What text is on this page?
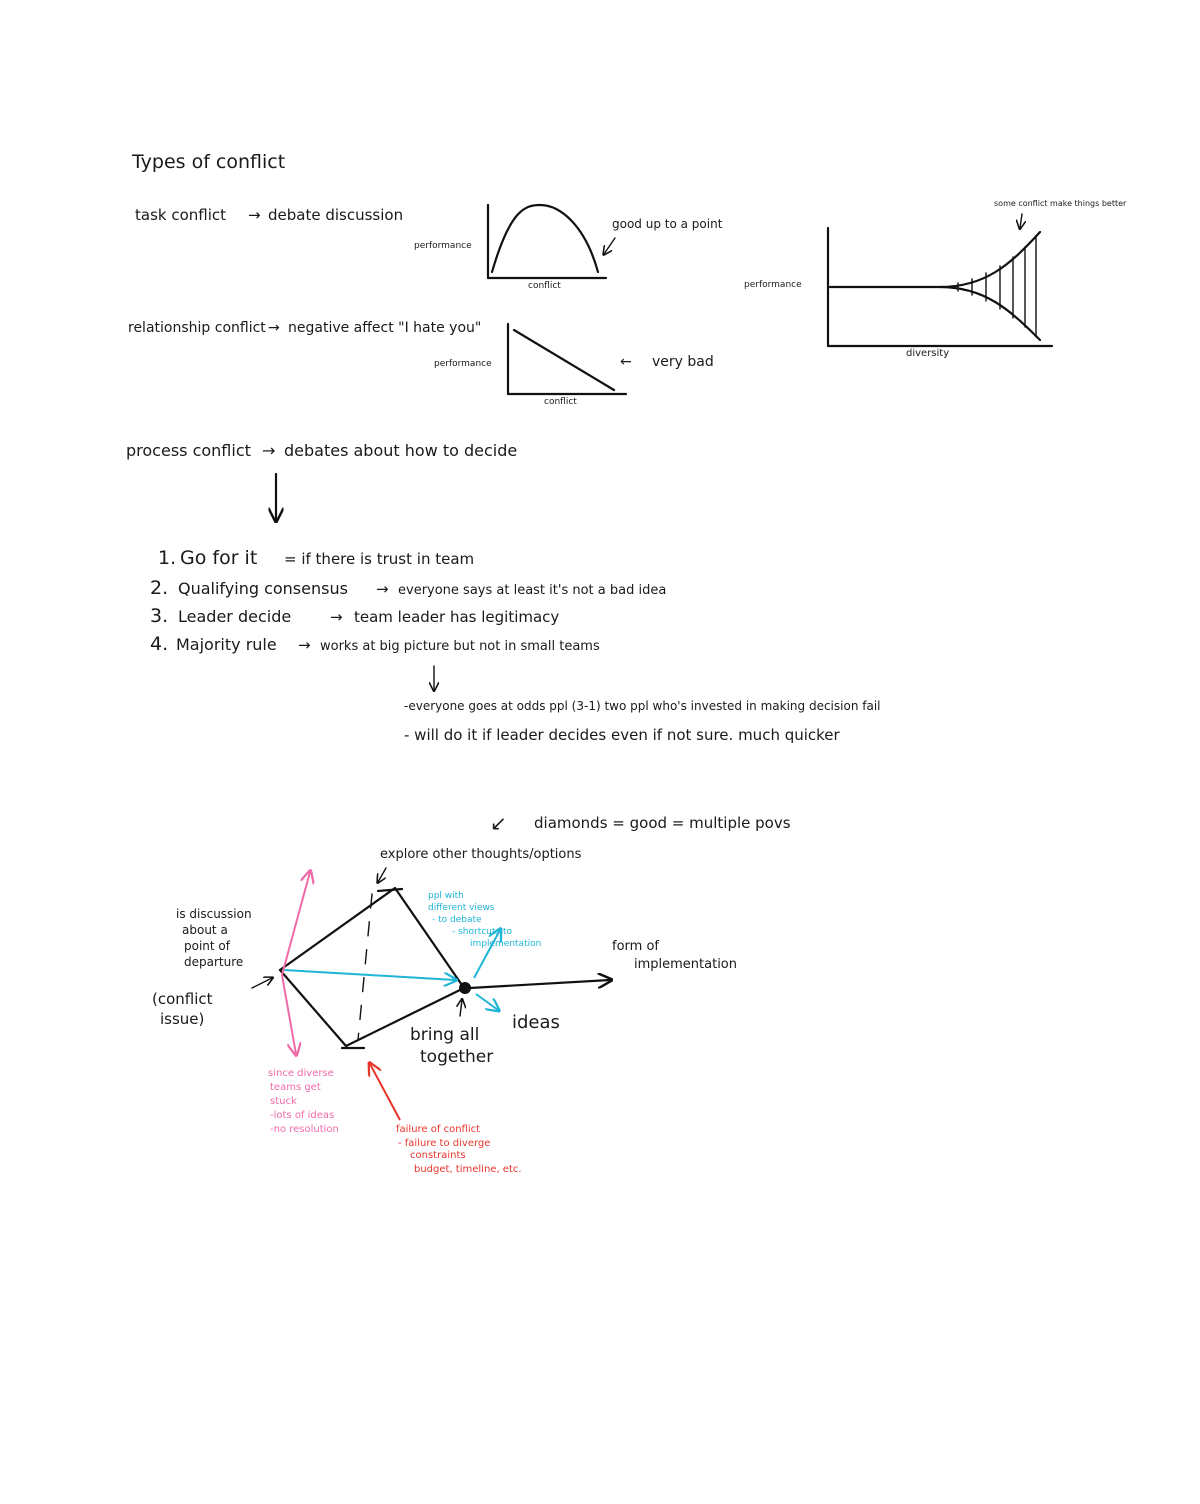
Types of conflict
task conflict → debate discussion
performance
conflict
good up to a point
relationship conflict → negative affect "I hate you"
performance
conflict
← very bad
performance
diversity
some conflict make things better
process conflict → debates about how to decide
1. Go for it = if there is trust in team
2. Qualifying consensus → everyone says at least it's not a bad idea
3. Leader decide	→ team leader has legitimacy
4. Majority rule → works at big picture but not in small teams
-everyone goes at odds ppl (3-1) two ppl who's invested in making decision fail
- will do it if leader decides even if not sure. much quicker
↙ diamonds = good = multiple povs
explore other thoughts/options
is discussion
about a
point of
departure
(conflict
issue)
form of
implementation
bring all
together
ideas
since diverse
teams get
stuck
-lots of ideas
-no resolution
ppl with
different views
- to debate
- shortcuts to
implementation
failure of conflict
- failure to diverge
constraints
budget, timeline, etc.
